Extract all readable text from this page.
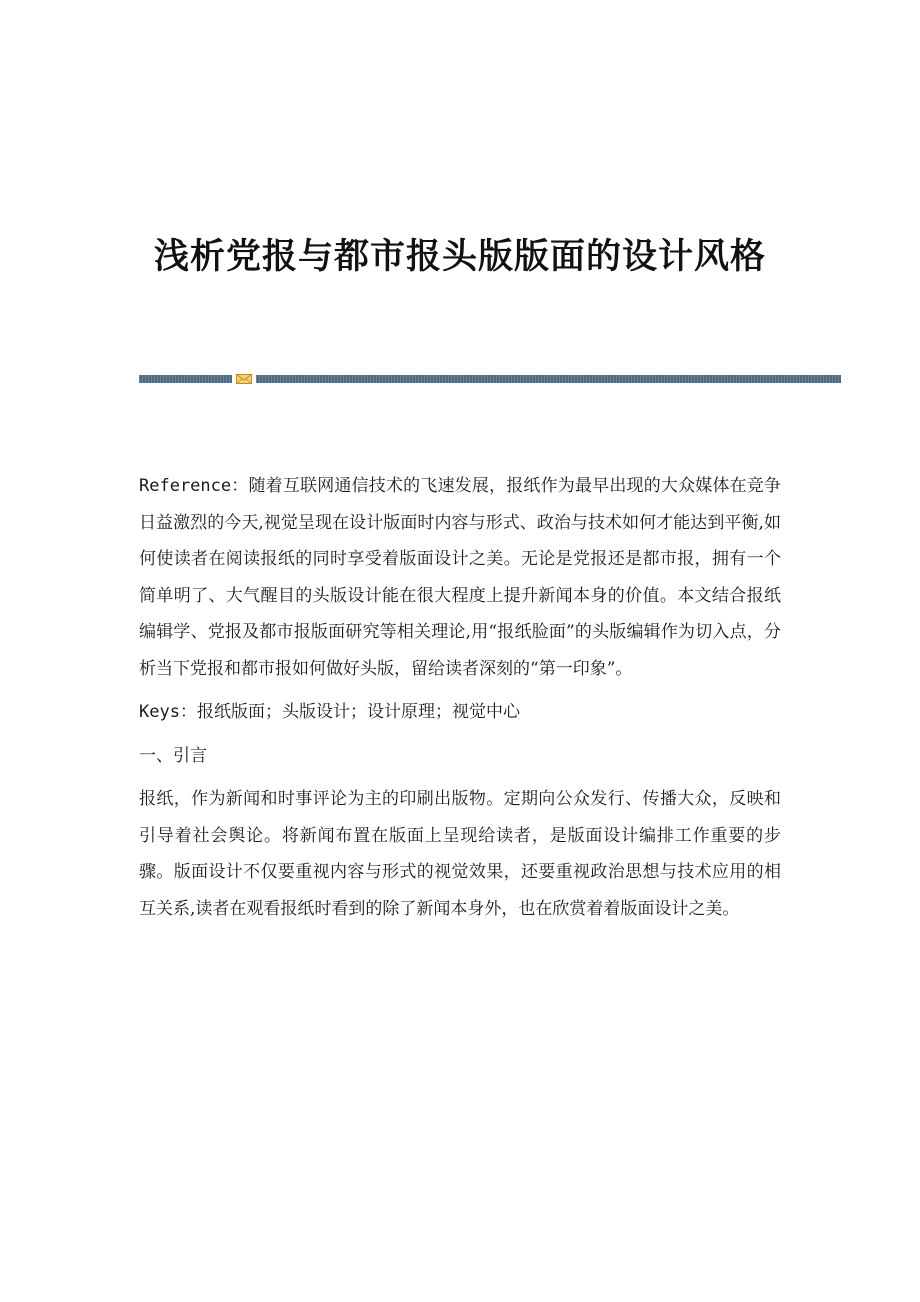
浅析党报与都市报头版版面的设计风格

Reference：随着互联网通信技术的飞速发展，报纸作为最早出现的大众媒体在竞争日益激烈的今天,视觉呈现在设计版面时内容与形式、政治与技术如何才能达到平衡,如何使读者在阅读报纸的同时享受着版面设计之美。无论是党报还是都市报，拥有一个简单明了、大气醒目的头版设计能在很大程度上提升新闻本身的价值。本文结合报纸编辑学、党报及都市报版面研究等相关理论,用“报纸脸面”的头版编辑作为切入点，分析当下党报和都市报如何做好头版，留给读者深刻的“第一印象”。

Keys：报纸版面；头版设计；设计原理；视觉中心

一、引言

报纸，作为新闻和时事评论为主的印刷出版物。定期向公众发行、传播大众，反映和引导着社会舆论。将新闻布置在版面上呈现给读者，是版面设计编排工作重要的步骤。版面设计不仅要重视内容与形式的视觉效果，还要重视政治思想与技术应用的相互关系,读者在观看报纸时看到的除了新闻本身外，也在欣赏着着版面设计之美。
